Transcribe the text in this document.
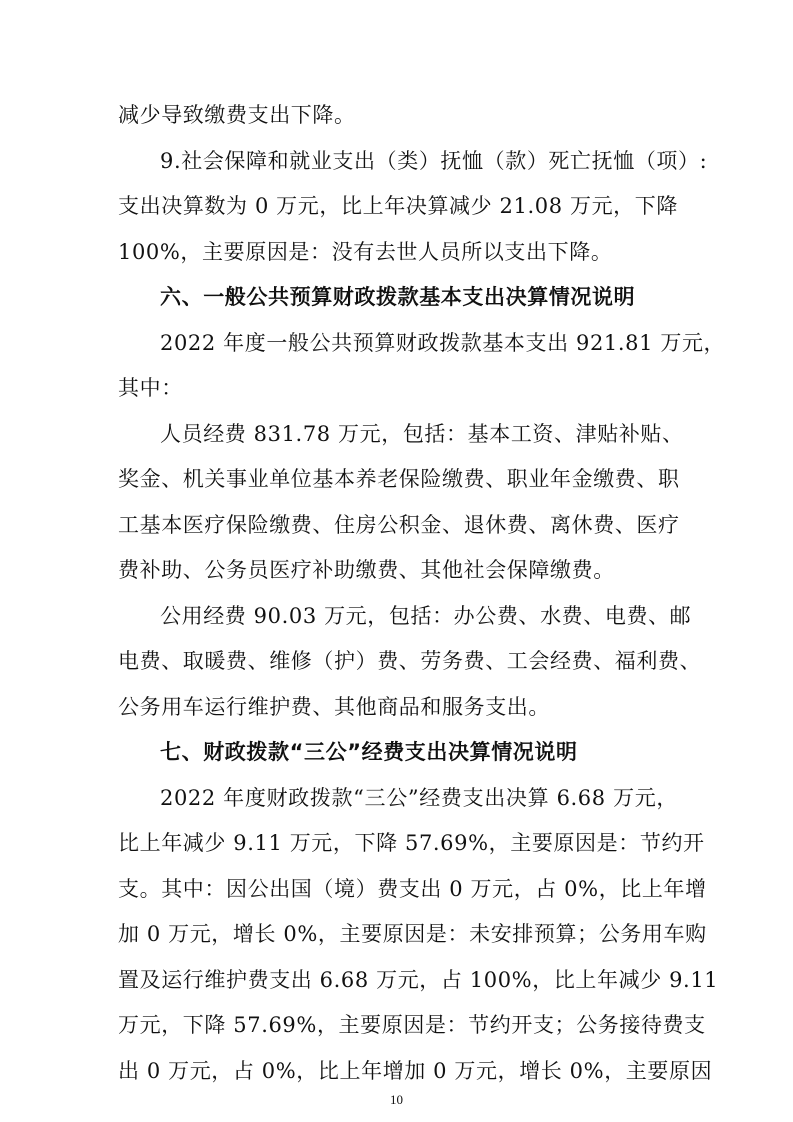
减少导致缴费支出下降。
9.社会保障和就业支出（类）抚恤（款）死亡抚恤（项）:
支出决算数为 0 万元，比上年决算减少 21.08 万元，下降
100%，主要原因是：没有去世人员所以支出下降。
六、一般公共预算财政拨款基本支出决算情况说明
2022 年度一般公共预算财政拨款基本支出 921.81 万元，
其中：
人员经费 831.78 万元，包括：基本工资、津贴补贴、
奖金、机关事业单位基本养老保险缴费、职业年金缴费、职
工基本医疗保险缴费、住房公积金、退休费、离休费、医疗
费补助、公务员医疗补助缴费、其他社会保障缴费。
公用经费 90.03 万元，包括：办公费、水费、电费、邮
电费、取暖费、维修（护）费、劳务费、工会经费、福利费、
公务用车运行维护费、其他商品和服务支出。
七、财政拨款“三公”经费支出决算情况说明
2022 年度财政拨款“三公”经费支出决算 6.68 万元，
比上年减少 9.11 万元，下降 57.69%，主要原因是：节约开
支。其中：因公出国（境）费支出 0 万元，占 0%，比上年增
加 0 万元，增长 0%，主要原因是：未安排预算；公务用车购
置及运行维护费支出 6.68 万元，占 100%，比上年减少 9.11
万元，下降 57.69%，主要原因是：节约开支；公务接待费支
出 0 万元，占 0%，比上年增加 0 万元，增长 0%，主要原因
10
